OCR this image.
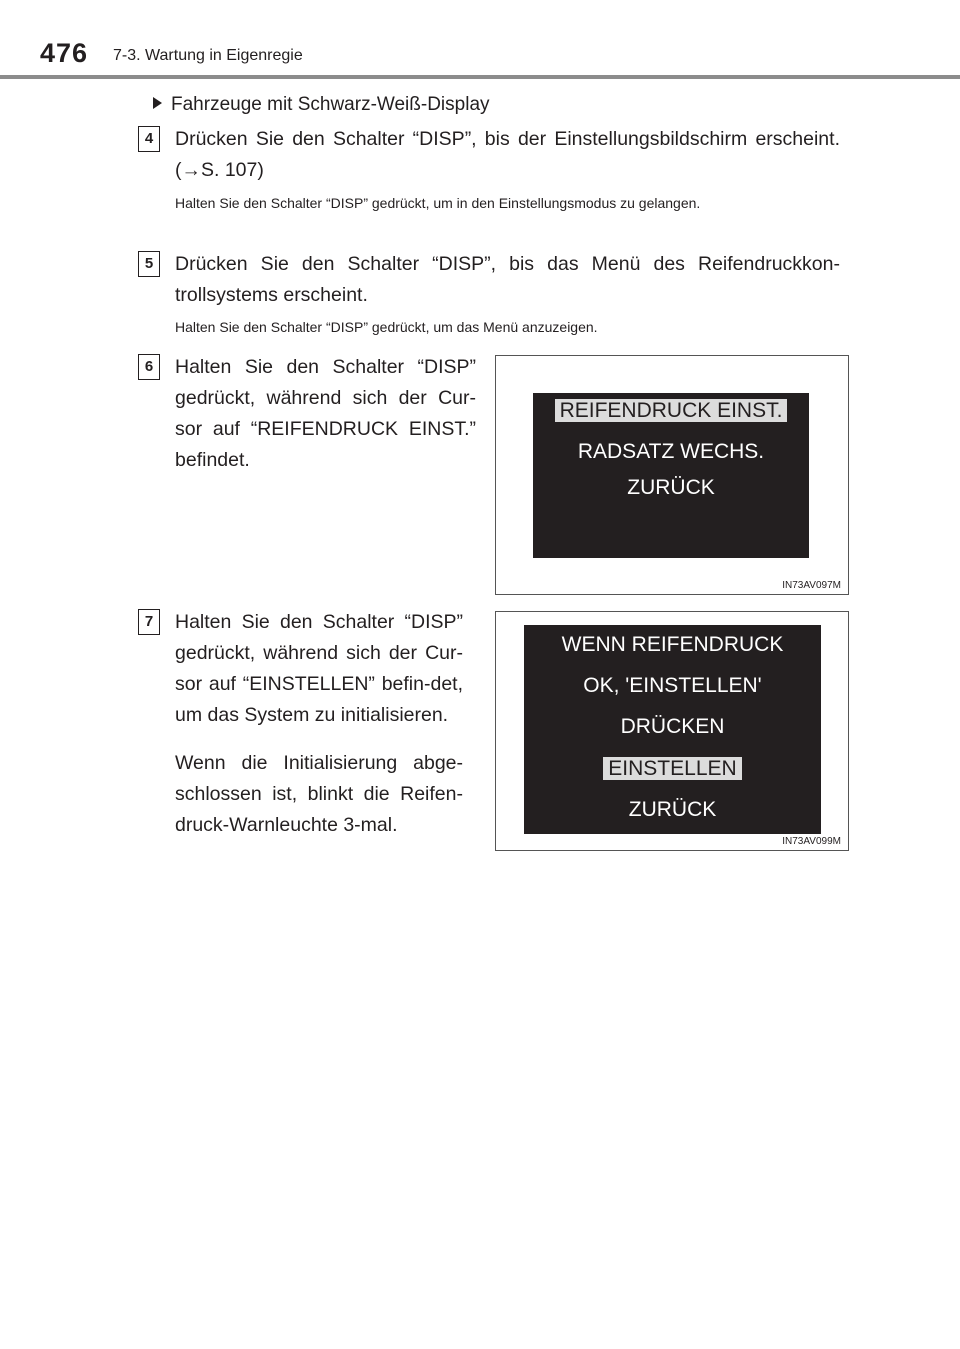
476 7-3. Wartung in Eigenregie
Fahrzeuge mit Schwarz-Weiß-Display
4	Drücken Sie den Schalter “DISP”, bis der Einstellungsbildschirm erscheint. (→S. 107)
Halten Sie den Schalter “DISP” gedrückt, um in den Einstellungsmodus zu gelangen.
5	Drücken Sie den Schalter “DISP”, bis das Menü des Reifendruckkon-trollsystems erscheint.
Halten Sie den Schalter “DISP” gedrückt, um das Menü anzuzeigen.
6	Halten Sie den Schalter “DISP” gedrückt, während sich der Cur-sor auf “REIFENDRUCK EINST.” befindet.
REIFENDRUCK EINST.
RADSATZ WECHS.
ZURÜCK
IN73AV097M
7	Halten Sie den Schalter “DISP” gedrückt, während sich der Cur-sor auf “EINSTELLEN” befin-det, um das System zu initialisieren.
Wenn die Initialisierung abge-schlossen ist, blinkt die Reifen-druck-Warnleuchte 3-mal.
WENN REIFENDRUCK
OK, 'EINSTELLEN'
DRÜCKEN
EINSTELLEN
ZURÜCK
IN73AV099M
